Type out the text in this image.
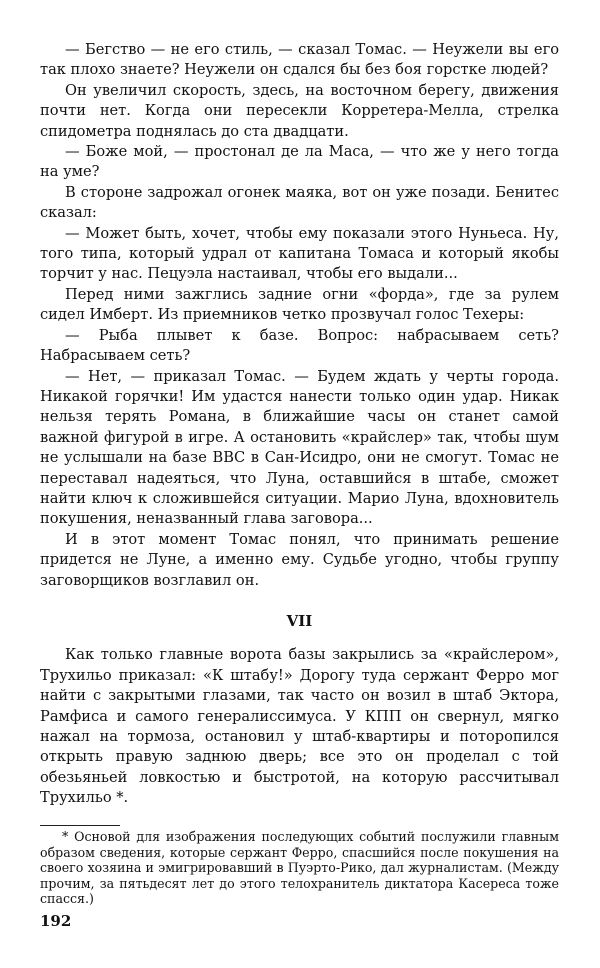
— Бегство — не его стиль, — сказал Томас. — Неужели вы его так плохо знаете? Неужели он сдался бы без боя горстке людей?

Он увеличил скорость, здесь, на восточном берегу, движения почти нет. Когда они пересекли Корретера-Мелла, стрелка спидометра поднялась до ста двадцати.

— Боже мой, — простонал де ла Маса, — что же у него тогда на уме?

В стороне задрожал огонек маяка, вот он уже позади. Бенитес сказал:

— Может быть, хочет, чтобы ему показали этого Нуньеса. Ну, того типа, который удрал от капитана Томаса и который якобы торчит у нас. Пецуэла настаивал, чтобы его выдали...

Перед ними зажглись задние огни «форда», где за рулем сидел Имберт. Из приемников четко прозвучал голос Техеры:

— Рыба плывет к базе. Вопрос: набрасываем сеть? Набрасываем сеть?

— Нет, — приказал Томас. — Будем ждать у черты города. Никакой горячки! Им удастся нанести только один удар. Никак нельзя терять Романа, в ближайшие часы он станет самой важной фигурой в игре. А остановить «крайслер» так, чтобы шум не услышали на базе ВВС в Сан-Исидро, они не смогут. Томас не переставал надеяться, что Луна, оставшийся в штабе, сможет найти ключ к сложившейся ситуации. Марио Луна, вдохновитель покушения, неназванный глава заговора...

И в этот момент Томас понял, что принимать решение придется не Луне, а именно ему. Судьбе угодно, чтобы группу заговорщиков возглавил он.

VII

Как только главные ворота базы закрылись за «крайслером», Трухильо приказал: «К штабу!» Дорогу туда сержант Ферро мог найти с закрытыми глазами, так часто он возил в штаб Эктора, Рамфиса и самого генералиссимуса. У КПП он свернул, мягко нажал на тормоза, остановил у штаб-квартиры и поторопился открыть правую заднюю дверь; все это он проделал с той обезьяньей ловкостью и быстротой, на которую рассчитывал Трухильо *.

* Основой для изображения последующих событий послужили главным образом сведения, которые сержант Ферро, спасшийся после покушения на своего хозяина и эмигрировавший в Пуэрто-Рико, дал журналистам. (Между прочим, за пятьдесят лет до этого телохранитель диктатора Касереса тоже спасся.)

192
